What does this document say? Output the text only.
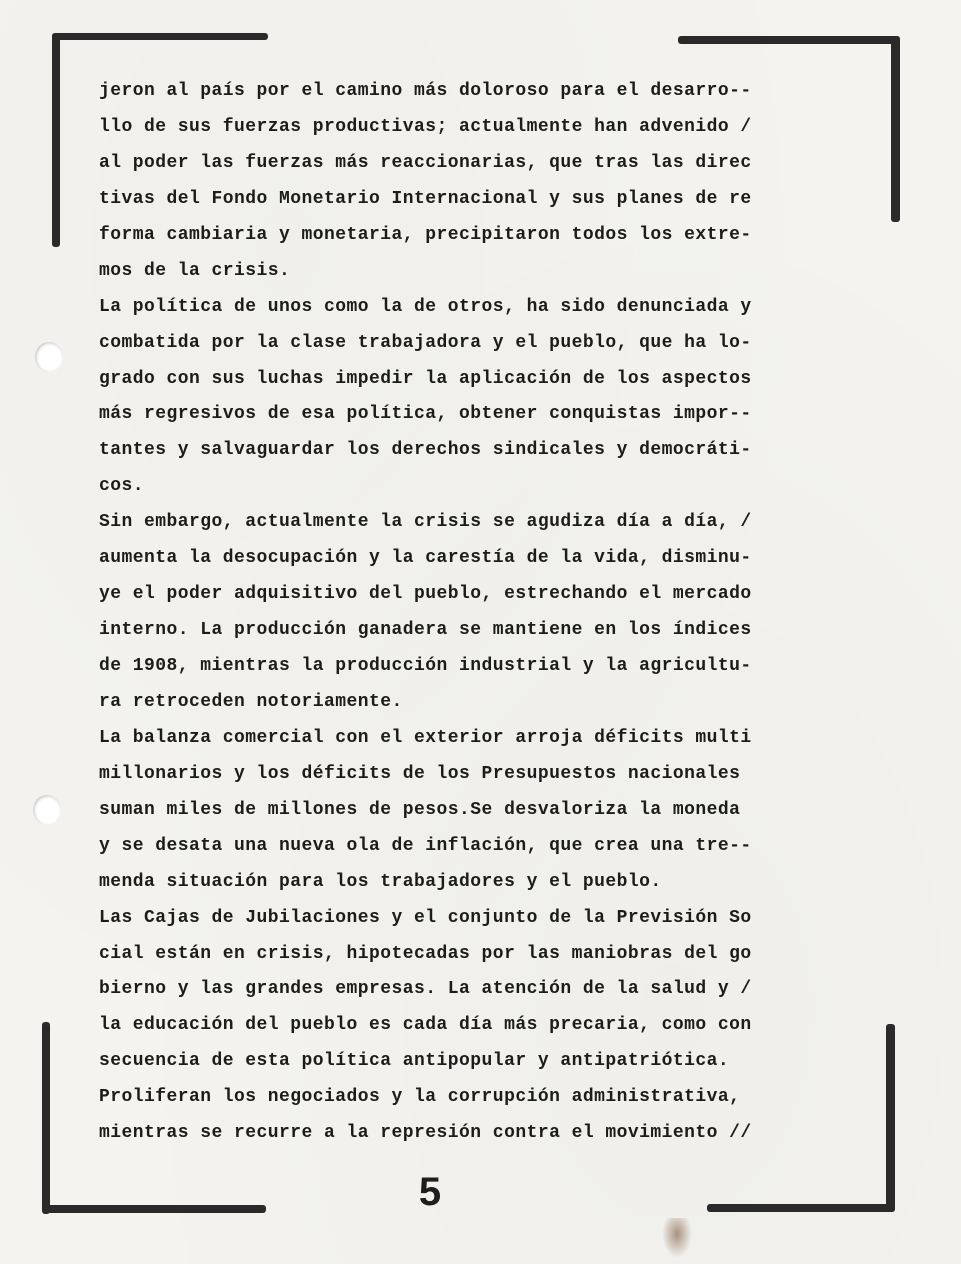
jeron al país por el camino más doloroso para el desarro--
llo de sus fuerzas productivas; actualmente han advenido /
al poder las fuerzas más reaccionarias, que tras las direc
tivas del Fondo Monetario Internacional y sus planes de re
forma cambiaria y monetaria, precipitaron todos los extre-
mos de la crisis.
La política de unos como la de otros, ha sido denunciada y
combatida por la clase trabajadora y el pueblo, que ha lo-
grado con sus luchas impedir la aplicación de los aspectos
más regresivos de esa política, obtener conquistas impor--
tantes y salvaguardar los derechos sindicales y democráti-
cos.
Sin embargo, actualmente la crisis se agudiza día a día, /
aumenta la desocupación y la carestía de la vida, disminu-
ye el poder adquisitivo del pueblo, estrechando el mercado
interno. La producción ganadera se mantiene en los índices
de 1908, mientras la producción industrial y la agricultu-
ra retroceden notoriamente.
La balanza comercial con el exterior arroja déficits multi
millonarios y los déficits de los Presupuestos nacionales
suman miles de millones de pesos.Se desvaloriza la moneda
y se desata una nueva ola de inflación, que crea una tre--
menda situación para los trabajadores y el pueblo.
Las Cajas de Jubilaciones y el conjunto de la Previsión So
cial están en crisis, hipotecadas por las maniobras del go
bierno y las grandes empresas. La atención de la salud y /
la educación del pueblo es cada día más precaria, como con
secuencia de esta política antipopular y antipatriótica.
Proliferan los negociados y la corrupción administrativa,
mientras se recurre a la represión contra el movimiento //
5
